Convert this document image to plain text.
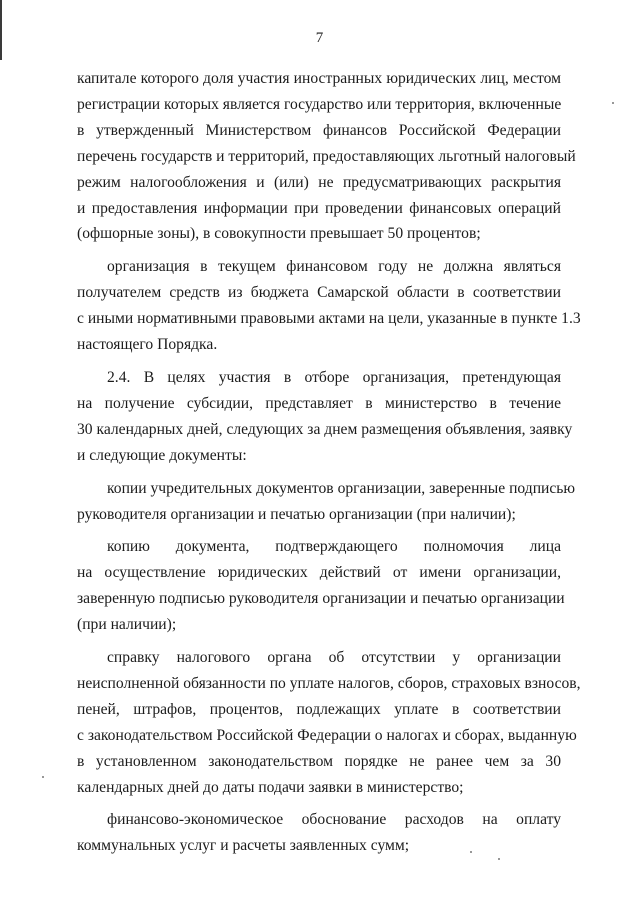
7
капитале которого доля участия иностранных юридических лиц, местом
регистрации которых является государство или территория, включенные
в утвержденный Министерством финансов Российской Федерации
перечень государств и территорий, предоставляющих льготный налоговый
режим налогообложения и (или) не предусматривающих раскрытия
и предоставления информации при проведении финансовых операций
(офшорные зоны), в совокупности превышает 50 процентов;
организация в текущем финансовом году не должна являться
получателем средств из бюджета Самарской области в соответствии
с иными нормативными правовыми актами на цели, указанные в пункте 1.3
настоящего Порядка.
2.4. В целях участия в отборе организация, претендующая
на получение субсидии, представляет в министерство в течение
30 календарных дней, следующих за днем размещения объявления, заявку
и следующие документы:
копии учредительных документов организации, заверенные подписью
руководителя организации и печатью организации (при наличии);
копию документа, подтверждающего полномочия лица
на осуществление юридических действий от имени организации,
заверенную подписью руководителя организации и печатью организации
(при наличии);
справку налогового органа об отсутствии у организации
неисполненной обязанности по уплате налогов, сборов, страховых взносов,
пеней, штрафов, процентов, подлежащих уплате в соответствии
с законодательством Российской Федерации о налогах и сборах, выданную
в установленном законодательством порядке не ранее чем за 30
календарных дней до даты подачи заявки в министерство;
финансово-экономическое обоснование расходов на оплату
коммунальных услуг и расчеты заявленных сумм;
